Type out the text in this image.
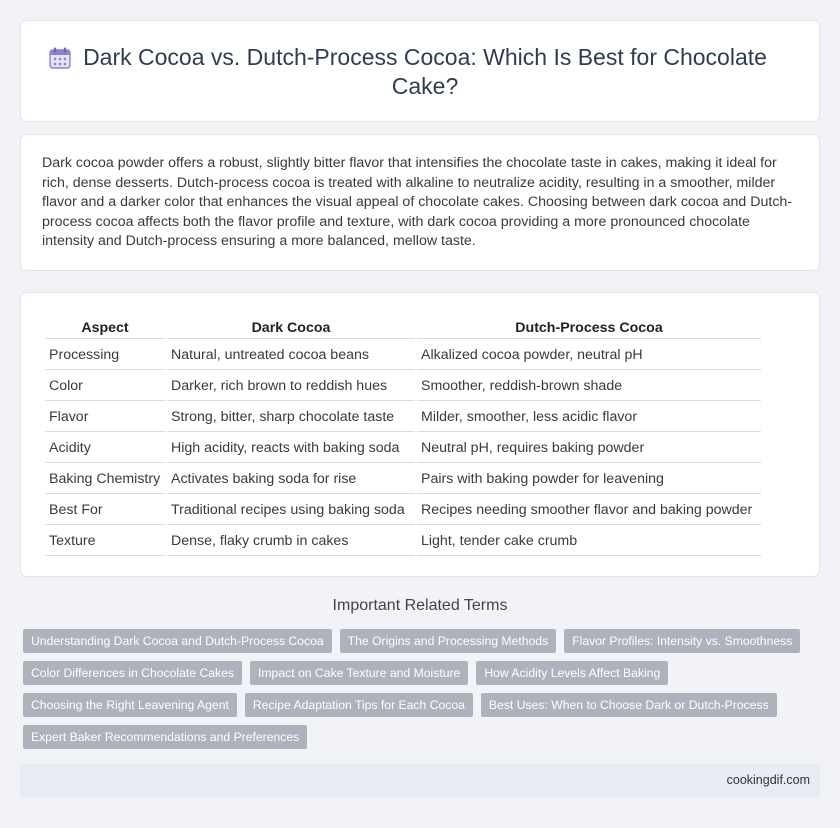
Dark Cocoa vs. Dutch-Process Cocoa: Which Is Best for Chocolate Cake?

Dark cocoa powder offers a robust, slightly bitter flavor that intensifies the chocolate taste in cakes, making it ideal for rich, dense desserts. Dutch-process cocoa is treated with alkaline to neutralize acidity, resulting in a smoother, milder flavor and a darker color that enhances the visual appeal of chocolate cakes. Choosing between dark cocoa and Dutch-process cocoa affects both the flavor profile and texture, with dark cocoa providing a more pronounced chocolate intensity and Dutch-process ensuring a more balanced, mellow taste.

Aspect	Dark Cocoa	Dutch-Process Cocoa
Processing	Natural, untreated cocoa beans	Alkalized cocoa powder, neutral pH
Color	Darker, rich brown to reddish hues	Smoother, reddish-brown shade
Flavor	Strong, bitter, sharp chocolate taste	Milder, smoother, less acidic flavor
Acidity	High acidity, reacts with baking soda	Neutral pH, requires baking powder
Baking Chemistry	Activates baking soda for rise	Pairs with baking powder for leavening
Best For	Traditional recipes using baking soda	Recipes needing smoother flavor and baking powder
Texture	Dense, flaky crumb in cakes	Light, tender cake crumb
Important Related Terms
Understanding Dark Cocoa and Dutch-Process Cocoa	The Origins and Processing Methods	Flavor Profiles: Intensity vs. Smoothness
Color Differences in Chocolate Cakes	Impact on Cake Texture and Moisture	How Acidity Levels Affect Baking
Choosing the Right Leavening Agent	Recipe Adaptation Tips for Each Cocoa	Best Uses: When to Choose Dark or Dutch-Process
Expert Baker Recommendations and Preferences
cookingdif.com
